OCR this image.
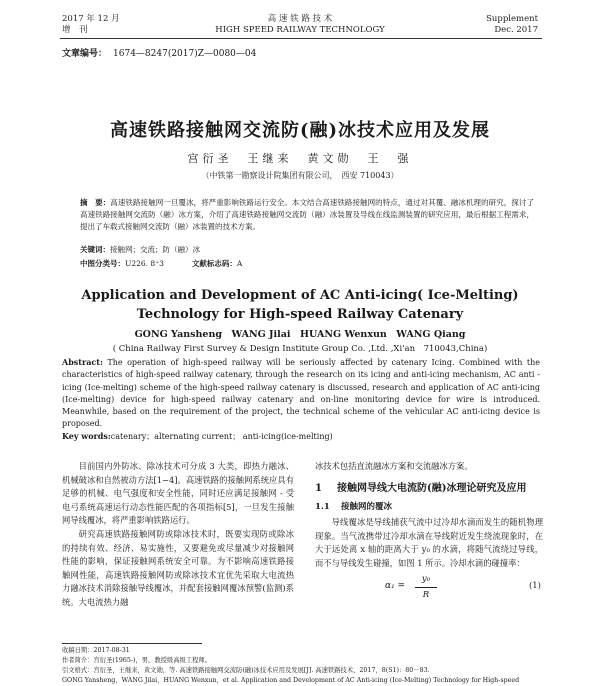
2017 年 12 月
增　刊
高 速 铁 路 技 术
HIGH SPEED RAILWAY TECHNOLOGY
Supplement
Dec. 2017
文章编号： 1674—8247(2017)Z—0080—04
高速铁路接触网交流防(融)冰技术应用及发展
宫衍圣　王继来　黄文勋　王　强
（中铁第一勘察设计院集团有限公司，　西安 710043）
摘　要：高速铁路接触网一旦覆冰，将严重影响铁路运行安全。本文结合高速铁路接触网的特点，通过对其覆、融冰机理的研究，探讨了高速铁路接触网交流防（融）冰方案，介绍了高速铁路接触网交流防（融）冰装置及导线在线监测装置的研究应用，最后根据工程需求，提出了车载式接触网交流防（融）冰装置的技术方案。
关键词：接触网；交流；防（融）冰
中图分类号：U226. 8⁺3	文献标志码：A
Application and Development of AC Anti-icing( Ice-Melting)
Technology for High-speed Railway Catenary
GONG Yansheng　WANG Jilai　HUANG Wenxun　WANG Qiang
( China Railway First Survey & Design Institute Group Co. ,Ltd. ,Xi'an　710043,China)
Abstract: The operation of high-speed railway will be seriously affected by catenary Icing. Combined with the characteristics of high-speed railway catenary, through the research on its icing and anti-icing mechanism, AC anti - icing (Ice-melting) scheme of the high-speed railway catenary is discussed, research and application of AC anti-icing (Ice-melting) device for high-speed railway catenary and on-line monitoring device for wire is introduced. Meanwhile, based on the requirement of the project, the technical scheme of the vehicular AC anti-icing device is proposed.
Key words:catenary；alternating current； anti-icing(ice-melting)

目前国内外防冰、除冰技术可分成 3 大类，即热力融冰、机械破冰和自然被动方法[1−4]。高速铁路的接触网系统应具有足够的机械、电气强度和安全性能，同时还应满足接触网 - 受电弓系统高速运行动态性能匹配的各项指标[5]，一旦发生接触网导线覆冰，将严重影响铁路运行。

研究高速铁路接触网防或除冰技术时，既要实现防或除冰的持续有效、经济、易实施性，又要避免或尽量减少对接触网性能的影响，保证接触网系统安全可靠。为不影响高速铁路接触网性能，高速铁路接触网防或除冰技术宜优先采取大电流热力融冰技术消除接触导线覆冰，并配套接触网覆冰预警(监测)系统。大电流热力融

冰技术包括直流融冰方案和交流融冰方案。

1 接触网导线大电流防(融)冰理论研究及应用
1.1 接触网的覆冰

导线覆冰是导线捕获气流中过冷却水滴而发生的随机物理现象。当气流携带过冷却水滴在导线附近发生绕流现象时，在大于远处离 x 轴的距离大于 y₀ 的水滴，将随气流绕过导线，而不与导线发生碰撞，如图 1 所示。冷却水滴的碰撞率：

α₁ =
y₀
R
(1)
收稿日期：2017-08-31
作者简介：宫衍圣(1965-)，男，教授级高级工程师。
引文格式：宫衍圣，王继来，黄文勋，等. 高速铁路接触网交流防(融)冰技术应用及发展[J]. 高速铁路技术，2017，8(S1)：80－83.
GONG Yansheng，WANG Jilai，HUANG Wenxun，et al. Application and Development of AC Anti-icing (Ice-Melting) Technology for High-speed
